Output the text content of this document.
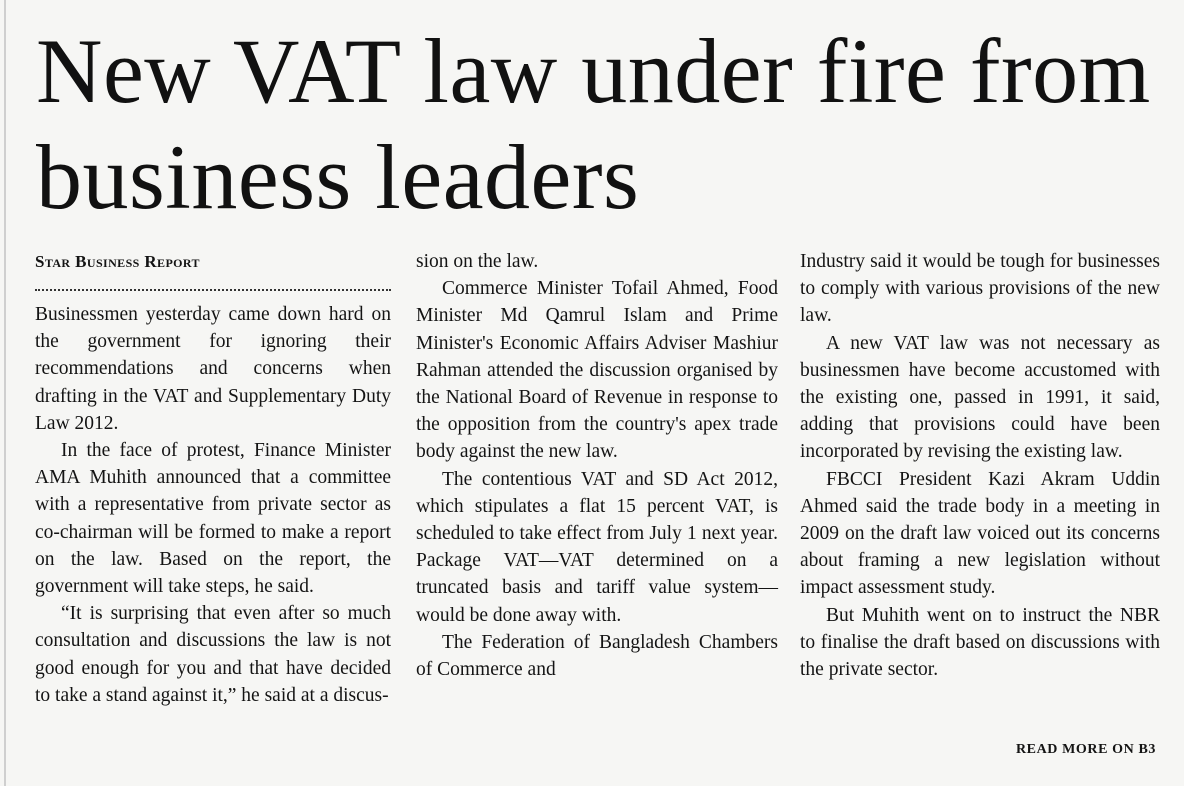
New VAT law under fire from business leaders

Star Business Report

Businessmen yesterday came down hard on the government for ignoring their recommendations and concerns when drafting in the VAT and Supplementary Duty Law 2012.

In the face of protest, Finance Minister AMA Muhith announced that a committee with a representative from private sector as co-chairman will be formed to make a report on the law. Based on the report, the government will take steps, he said.

“It is surprising that even after so much consultation and discussions the law is not good enough for you and that have decided to take a stand against it,” he said at a discus-

sion on the law.

Commerce Minister Tofail Ahmed, Food Minister Md Qamrul Islam and Prime Minister's Economic Affairs Adviser Mashiur Rahman attended the discussion organised by the National Board of Revenue in response to the opposition from the country's apex trade body against the new law.

The contentious VAT and SD Act 2012, which stipulates a flat 15 percent VAT, is scheduled to take effect from July 1 next year. Package VAT—VAT determined on a truncated basis and tariff value system—would be done away with.

The Federation of Bangladesh Chambers of Commerce and

Industry said it would be tough for businesses to comply with various provisions of the new law.

A new VAT law was not necessary as businessmen have become accustomed with the existing one, passed in 1991, it said, adding that provisions could have been incorporated by revising the existing law.

FBCCI President Kazi Akram Uddin Ahmed said the trade body in a meeting in 2009 on the draft law voiced out its concerns about framing a new legislation without impact assessment study.

But Muhith went on to instruct the NBR to finalise the draft based on discussions with the private sector.

READ MORE ON B3
